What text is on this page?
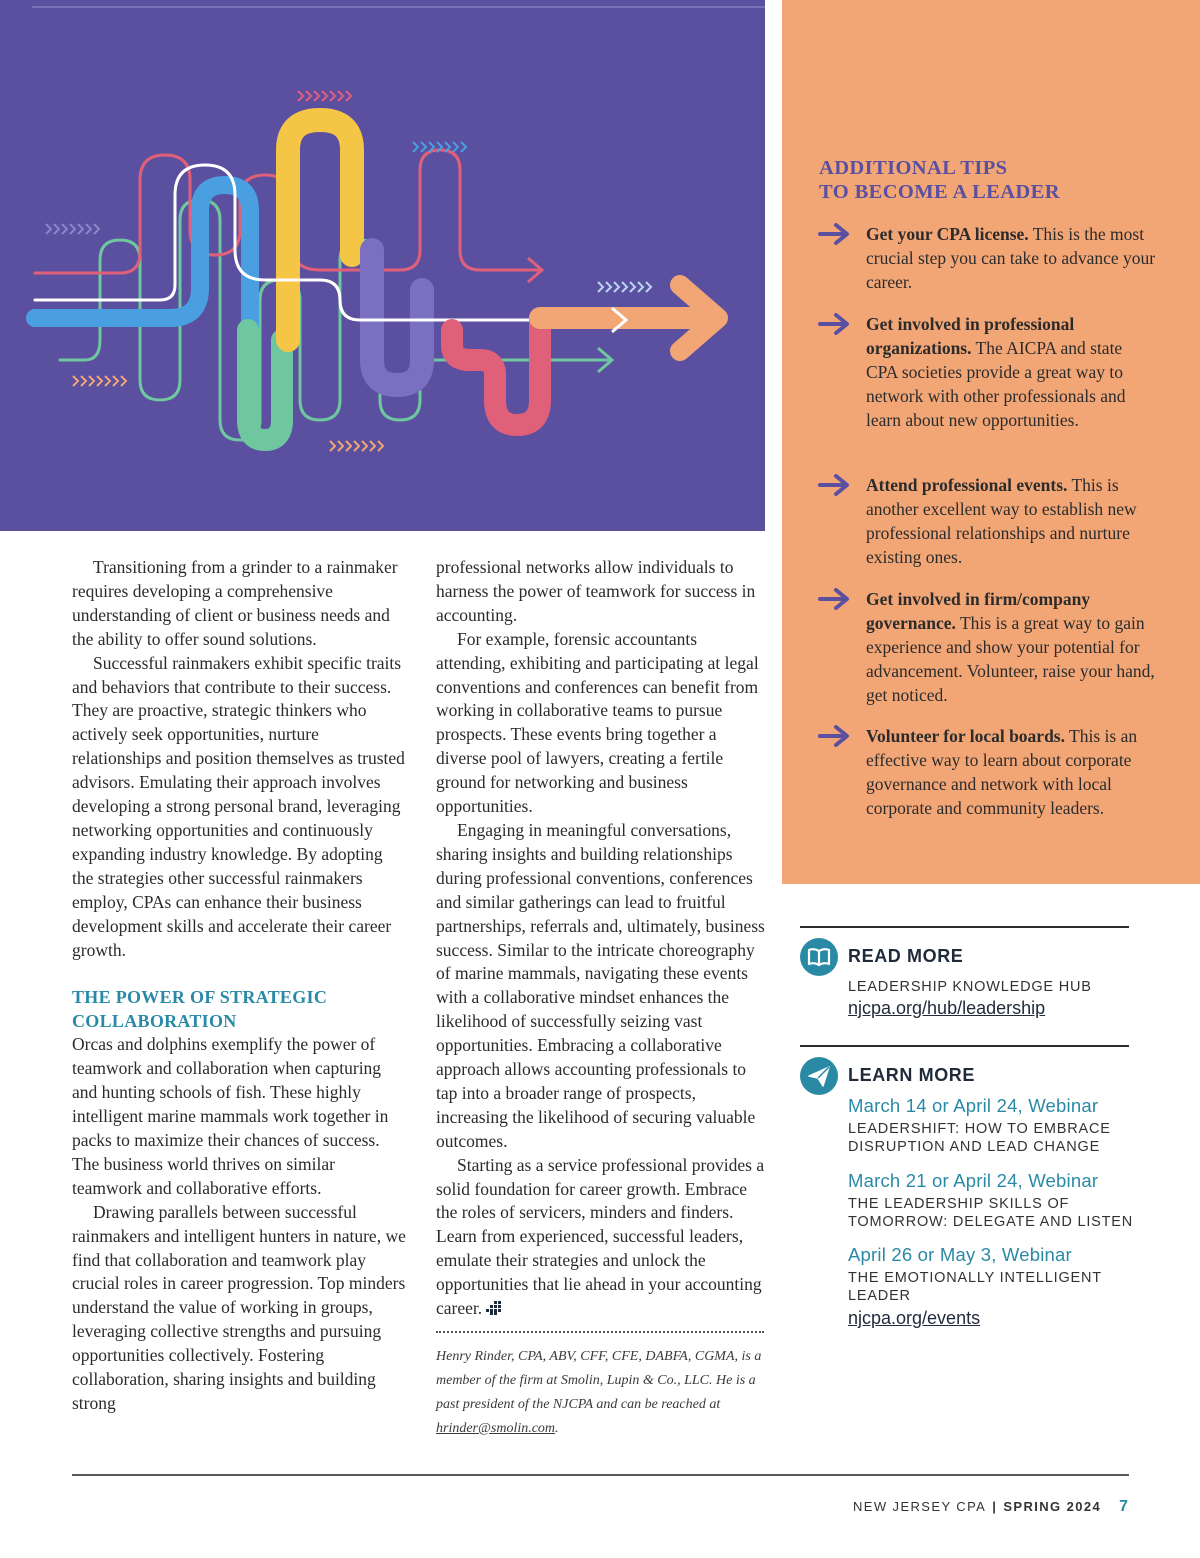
ADDITIONAL TIPS
TO BECOME A LEADER
Get your CPA license. This is the most crucial step you can take to advance your career.
Get involved in professional organizations. The AICPA and state CPA societies provide a great way to network with other professionals and learn about new opportunities.
Attend professional events. This is another excellent way to establish new professional relationships and nurture existing ones.
Get involved in firm/company governance. This is a great way to gain experience and show your potential for advancement. Volunteer, raise your hand, get noticed.
Volunteer for local boards. This is an effective way to learn about corporate governance and network with local corporate and community leaders.

Transitioning from a grinder to a rainmaker requires developing a comprehensive understanding of client or business needs and the ability to offer sound solutions.

Successful rainmakers exhibit specific traits and behaviors that contribute to their success. They are proactive, strategic thinkers who actively seek opportunities, nurture relationships and position themselves as trusted advisors. Emulating their approach involves developing a strong personal brand, leveraging networking opportunities and continuously expanding industry knowledge. By adopting the strategies other successful rainmakers employ, CPAs can enhance their business development skills and accelerate their career growth.

THE POWER OF STRATEGIC
COLLABORATION

Orcas and dolphins exemplify the power of teamwork and collaboration when capturing and hunting schools of fish. These highly intelligent marine mammals work together in packs to maximize their chances of success. The business world thrives on similar teamwork and collaborative efforts.

Drawing parallels between successful rainmakers and intelligent hunters in nature, we find that collaboration and teamwork play crucial roles in career progression. Top minders understand the value of working in groups, leveraging collective strengths and pursuing opportunities collectively. Fostering collaboration, sharing insights and building strong

professional networks allow individuals to harness the power of teamwork for success in accounting.

For example, forensic accountants attending, exhibiting and participating at legal conventions and conferences can benefit from working in collaborative teams to pursue prospects. These events bring together a diverse pool of lawyers, creating a fertile ground for networking and business opportunities.

Engaging in meaningful conversations, sharing insights and building relationships during professional conventions, conferences and similar gatherings can lead to fruitful partnerships, referrals and, ultimately, business success. Similar to the intricate choreography of marine mammals, navigating these events with a collaborative mindset enhances the likelihood of successfully seizing vast opportunities. Embracing a collaborative approach allows accounting professionals to tap into a broader range of prospects, increasing the likelihood of securing valuable outcomes.

Starting as a service professional provides a solid foundation for career growth. Embrace the roles of servicers, minders and finders. Learn from experienced, successful leaders, emulate their strategies and unlock the opportunities that lie ahead in your accounting career.

Henry Rinder, CPA, ABV, CFF, CFE, DABFA, CGMA, is a member of the firm at Smolin, Lupin & Co., LLC. He is a past president of the NJCPA and can be reached at hrinder@smolin.com.
READ MORE
LEADERSHIP KNOWLEDGE HUB
njcpa.org/hub/leadership
LEARN MORE
March 14 or April 24, Webinar
LEADERSHIFT: HOW TO EMBRACE DISRUPTION AND LEAD CHANGE
March 21 or April 24, Webinar
THE LEADERSHIP SKILLS OF TOMORROW: DELEGATE AND LISTEN
April 26 or May 3, Webinar
THE EMOTIONALLY INTELLIGENT LEADER
njcpa.org/events
NEW JERSEY CPA | SPRING 2024 7
